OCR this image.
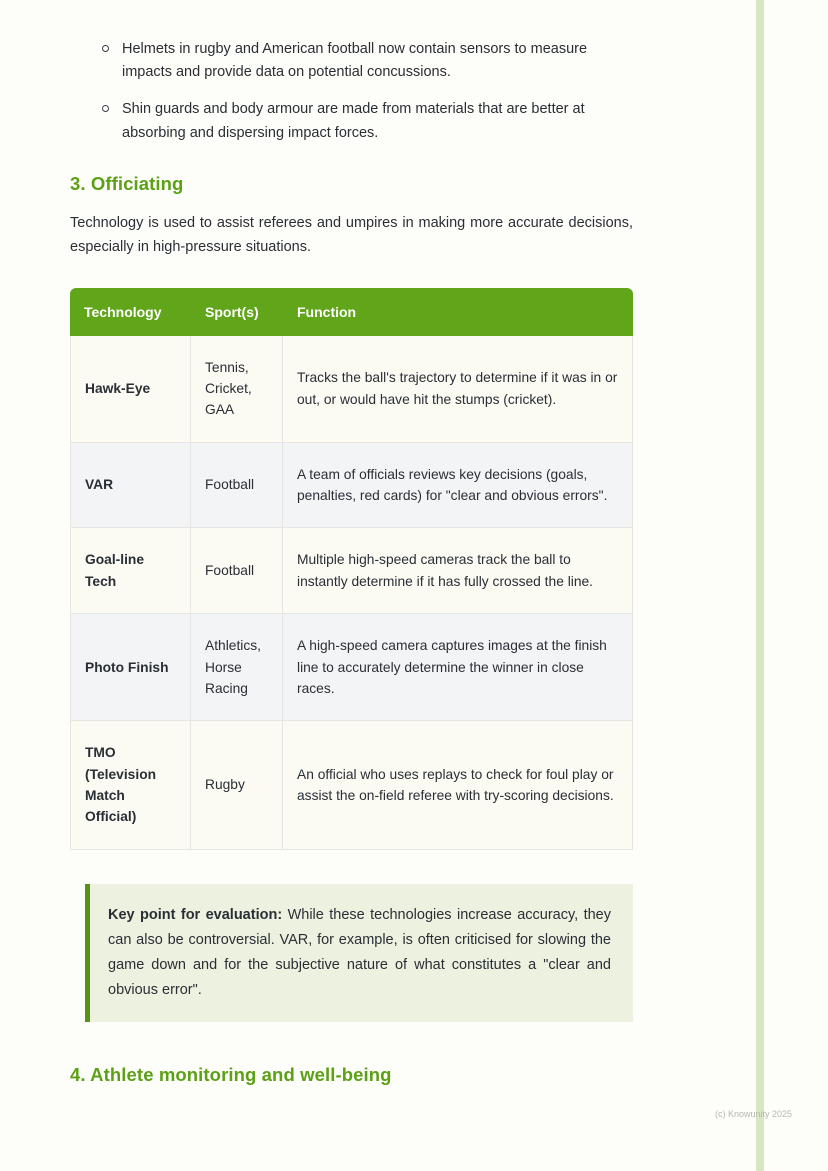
Helmets in rugby and American football now contain sensors to measure impacts and provide data on potential concussions.
Shin guards and body armour are made from materials that are better at absorbing and dispersing impact forces.
3. Officiating

Technology is used to assist referees and umpires in making more accurate decisions, especially in high-pressure situations.

Technology	Sport(s)	Function
Hawk-Eye	Tennis, Cricket, GAA	Tracks the ball's trajectory to determine if it was in or out, or would have hit the stumps (cricket).
VAR	Football	A team of officials reviews key decisions (goals, penalties, red cards) for "clear and obvious errors".
Goal-line Tech	Football	Multiple high-speed cameras track the ball to instantly determine if it has fully crossed the line.
Photo Finish	Athletics, Horse Racing	A high-speed camera captures images at the finish line to accurately determine the winner in close races.
TMO (Television Match Official)	Rugby	An official who uses replays to check for foul play or assist the on-field referee with try-scoring decisions.
Key point for evaluation: While these technologies increase accuracy, they can also be controversial. VAR, for example, is often criticised for slowing the game down and for the subjective nature of what constitutes a "clear and obvious error".
4. Athlete monitoring and well-being
(c) Knowunity 2025
